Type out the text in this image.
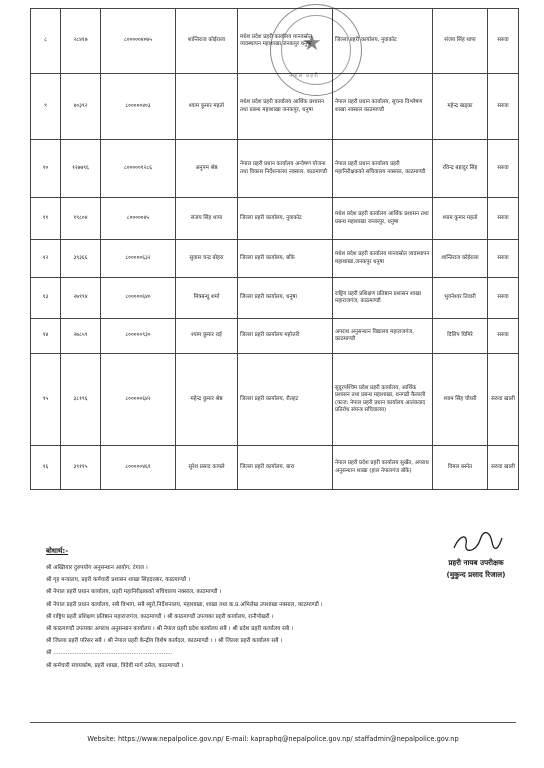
८	२८४१७	८०००००४०७५	शान्तिराज कोईराला	मधेश प्रदेश प्रहरी कार्यालय मानवस्रोत व्यवस्थापन महाशाखा,जनकपुर धनुषा	जिल्ला प्रहरी कार्यालय, नुवाकोट	संजय सिंह थापा	सरुवा
९	४०३९२	८०००००४०३	श्याम कुमार महतो	मधेश प्रदेश प्रहरी कार्यालय आर्थिक प्रशासन तथा प्रबन्ध महाशाखा जनकपुर, धनुषा	नेपाल प्रहरी प्रधान कार्यालय, सूचना विश्लेषण शाखा नक्साल काठमाण्डौ	महेन्द्र खड्का	सरुवा
१०	१२७७९६	८०००००१२८६	अनुपम श्रेष्ठ	नेपाल प्रहरी प्रधान कार्यालय अन्वेषण योजना तथा विकास निर्देशनालय नक्साल, काठमाण्डौ	नेपाल प्रहरी प्रधान कार्यालय प्रहरी महानिरीक्षकको सचिवालय नक्साल, काठमाण्डौ	रविन्द्र बहादुर सिंह	सरुवा
११	१९८०४	८०००००४५	संजय सिंह थापा	जिल्ला प्रहरी कार्यालय, नुवाकोट	मधेश प्रदेश प्रहरी कार्यालय आर्थिक प्रशासन तथा प्रबन्ध महाशाखा जनकपुर, धनुषा	श्याम कुमार महतो	सरुवा
१२	३९३६६	८०००००६३२	सुवास चन्द्र बोहरा	जिल्ला प्रहरी कार्यालय, बाँके	मधेश प्रदेश प्रहरी कार्यालय मानवस्रोत व्यवस्थापन महाशाखा,जनकपुर धनुषा	शान्तिराज कोईराला	सरुवा
१३	२७९९४	८०००००६४०	मित्रबन्धु शर्मा	जिल्ला प्रहरी कार्यालय, धनुषा	राष्ट्रिय प्रहरी प्रशिक्षण प्रतिष्ठान प्रशासन शाखा महाराजगंज, काठमाण्डौ	भुवनेश्वर तिवारी	सरुवा
१४	२७८५९	८०००००९३०	श्याम कुमार राई	जिल्ला प्रहरी कार्यालय महोत्तरी	अपराध अनुसन्धान विद्यालय महाराजगंज, काठमाण्डौ	दिलिप घिमिरे	सरुवा
१५	३८१९६	८०००००६४२	महेन्द्र कुमार श्रेष्ठ	जिल्ला प्रहरी कार्यालय, रौतहट	सुदूरपश्चिम प्रदेश प्रहरी कार्यालय, आर्थिक प्रशासन तथा प्रबन्ध महाशाखा, धनगढी कैलाली (काज: नेपाल प्रहरी प्रधान कार्यालय आतंकवाद प्रतिरोध संयन्त्र सचिवालय)	श्याम सिंह चौधरी	सरुवा खाली
१६	३९११५	८०००००४६१	सुरेश प्रसाद काफ्ले	जिल्ला प्रहरी कार्यालय, बारा	नेपाल प्रहरी प्रदेश प्रहरी कार्यालय सुर्खेत, अपराध अनुसन्धान शाखा (हाल नेपालगंज बाँके)	विमल बस्नेत	सरुवा खाली
★
नेपाल प्रहरी
बोधार्थ:-
प्रहरी नायब उपरीक्षक
(मुकुन्द प्रसाद रिजाल)
श्री अख्तियार दुरुपयोग अनुसन्धान आयोग, टंगाल ।
श्री गृह मन्त्रालय, प्रहरी कर्मचारी प्रशासन शाखा सिंहदरबार, काठमाण्डौ ।
श्री नेपाल प्रहरी प्रधान कार्यालय, प्रहरी महानिरीक्षकको सचिवालय नक्साल, काठमाण्डौ ।
श्री नेपाल प्रहरी प्रधान कार्यालय, सबै विभाग, सबै ब्यूरो,निर्देशनालय, महाशाखा, शाखा तथा क.प्र.अभिलेख उपशाखा नक्साल, काठमाण्डौ ।
श्री राष्ट्रिय प्रहरी प्रशिक्षण प्रतिष्ठान महाराजगंज, काठमाण्डौ । श्री काठमाण्डौ उपत्यका प्रहरी कार्यालय, रानीपोखरी ।
श्री काठमाण्डौ उपत्यका अपराध अनुसन्धान कार्यालय । श्री नेपाल प्रहरी प्रदेश कार्यालय सबै । श्री प्रदेश प्रहरी कार्यालय सबै ।
श्री जिल्ला प्रहरी परिसर सबै । श्री नेपाल प्रहरी केन्द्रीय विशेष कार्यदल, काठमाण्डौ । । श्री जिल्ला प्रहरी कार्यालय सबै ।
श्री ...................................................................
श्री कर्मचारी संचयकोष, प्रहरी शाखा, त्रिदेवी मार्ग ठमेल, काठमाण्डौ ।
Website: https://www.nepalpolice.gov.np/ E-mail: kapraphq@nepalpolice.gov.np/ staffadmin@nepalpolice.gov.np
